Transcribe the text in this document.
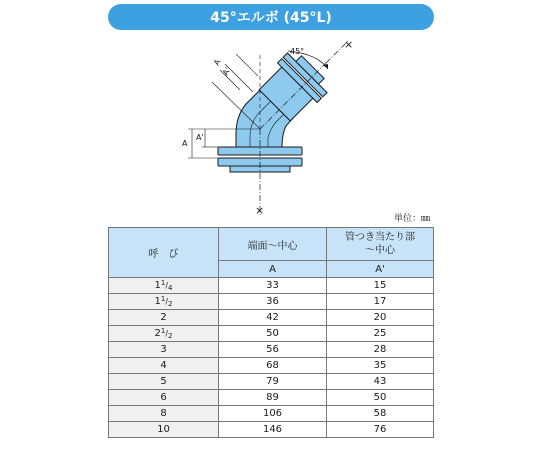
45°エルボ (45°L)
×
×
45°
A
A'
A
A'
単位：㎜
呼　び	端面～中心	管つき当たり部
～中心

	A	A'
$1^1/_4$	33	15
$1^1/_2$	36	17
2	42	20
$2^1/_2$	50	25
3	56	28
4	68	35
5	79	43
6	89	50
8	106	58
10	146	76
